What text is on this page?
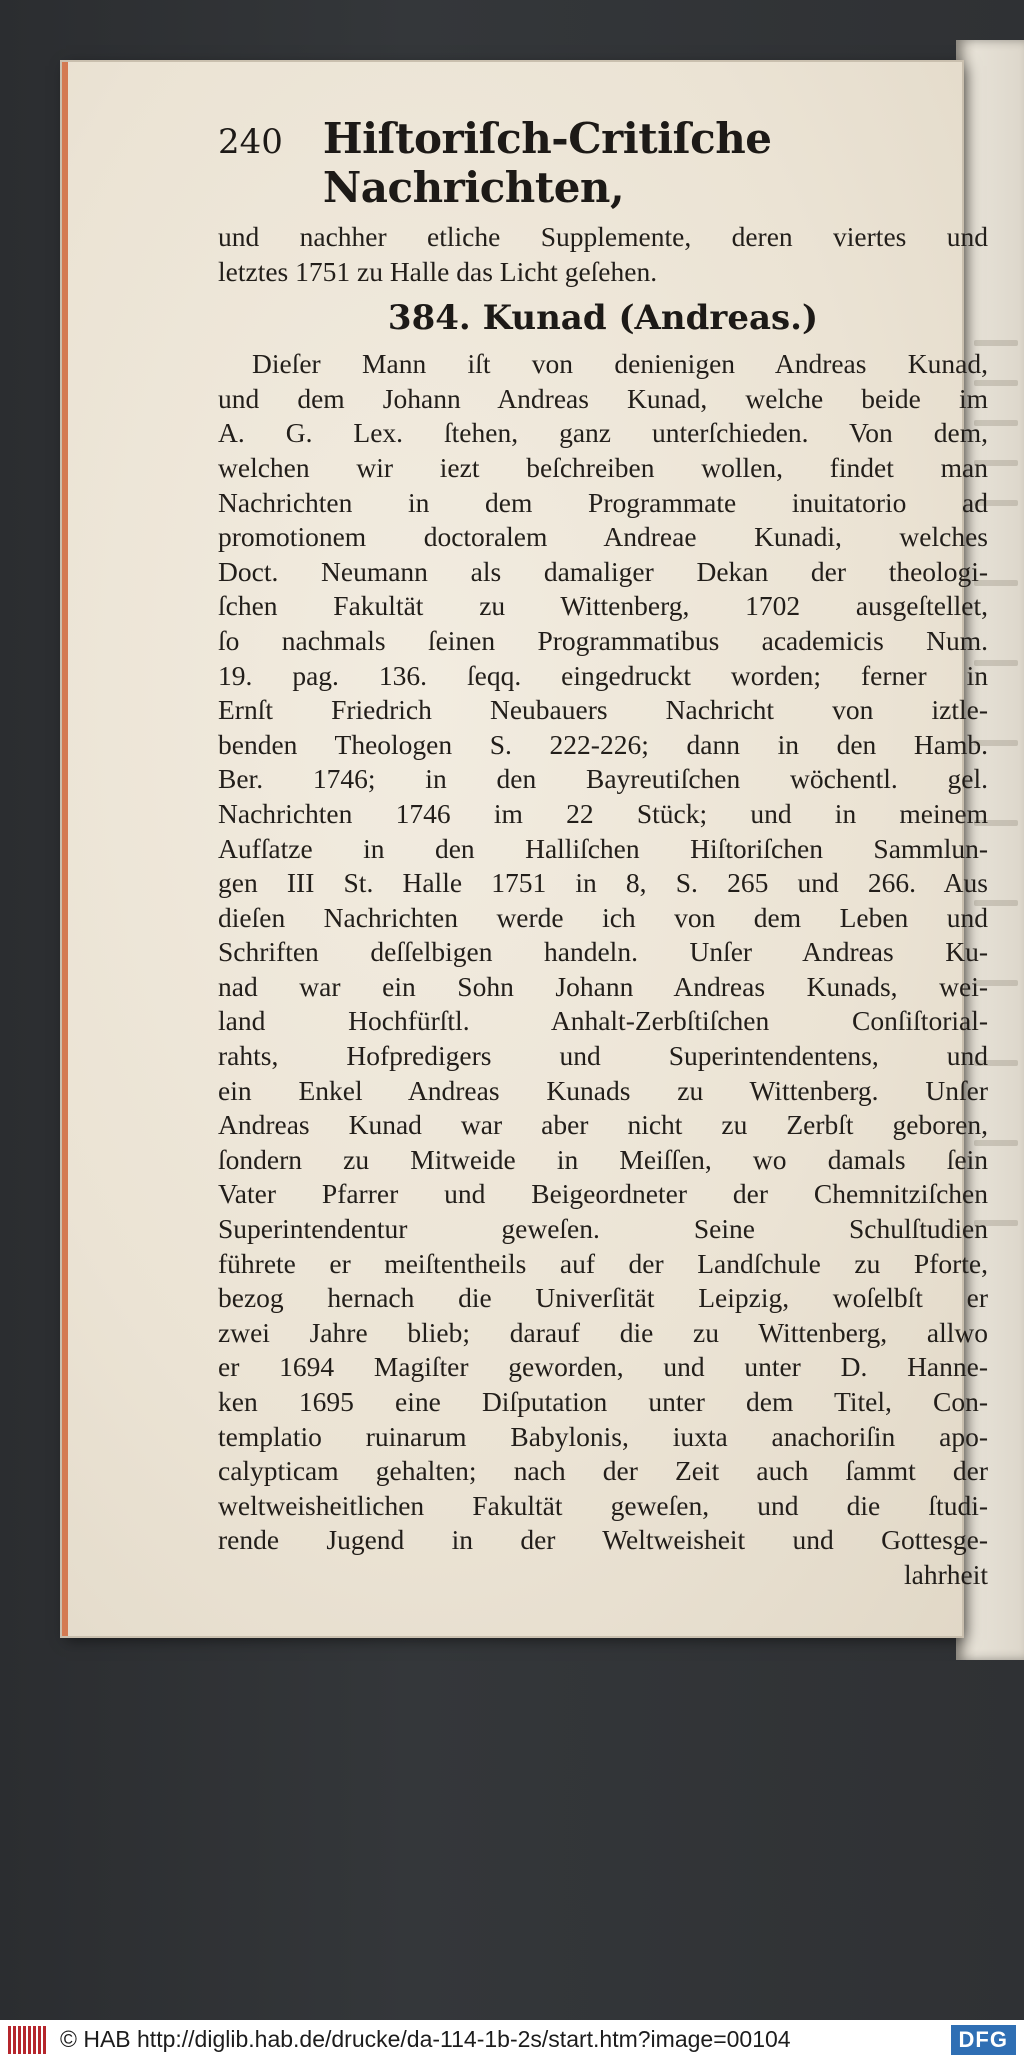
240 Hiſtoriſch-Critiſche Nachrichten,
und nachher etliche Supplemente, deren viertes und
letztes 1751 zu Halle das Licht geſehen.
384. Kunad (Andreas.)
Dieſer Mann iſt von denienigen Andreas Kunad,
und dem Johann Andreas Kunad, welche beide im
A. G. Lex. ſtehen, ganz unterſchieden. Von dem,
welchen wir iezt beſchreiben wollen, findet man
Nachrichten in dem Programmate inuitatorio ad
promotionem doctoralem Andreae Kunadi, welches
Doct. Neumann als damaliger Dekan der theologi-
ſchen Fakultät zu Wittenberg, 1702 ausgeſtellet,
ſo nachmals ſeinen Programmatibus academicis Num.
19. pag. 136. ſeqq. eingedruckt worden; ferner in
Ernſt Friedrich Neubauers Nachricht von iztle-
benden Theologen S. 222-226; dann in den Hamb.
Ber. 1746; in den Bayreutiſchen wöchentl. gel.
Nachrichten 1746 im 22 Stück; und in meinem
Aufſatze in den Halliſchen Hiſtoriſchen Sammlun-
gen III St. Halle 1751 in 8, S. 265 und 266. Aus
dieſen Nachrichten werde ich von dem Leben und
Schriften deſſelbigen handeln. Unſer Andreas Ku-
nad war ein Sohn Johann Andreas Kunads, wei-
land Hochfürſtl. Anhalt-Zerbſtiſchen Conſiſtorial-
rahts, Hofpredigers und Superintendentens, und
ein Enkel Andreas Kunads zu Wittenberg. Unſer
Andreas Kunad war aber nicht zu Zerbſt geboren,
ſondern zu Mitweide in Meiſſen, wo damals ſein
Vater Pfarrer und Beigeordneter der Chemnitziſchen
Superintendentur geweſen. Seine Schulſtudien
führete er meiſtentheils auf der Landſchule zu Pforte,
bezog hernach die Univerſität Leipzig, woſelbſt er
zwei Jahre blieb; darauf die zu Wittenberg, allwo
er 1694 Magiſter geworden, und unter D. Hanne-
ken 1695 eine Diſputation unter dem Titel, Con-
templatio ruinarum Babylonis, iuxta anachoriſin apo-
calypticam gehalten; nach der Zeit auch ſammt der
weltweisheitlichen Fakultät geweſen, und die ſtudi-
rende Jugend in der Weltweisheit und Gottesge-
lahrheit
© HAB http://diglib.hab.de/drucke/da-114-1b-2s/start.htm?image=00104	DFG
